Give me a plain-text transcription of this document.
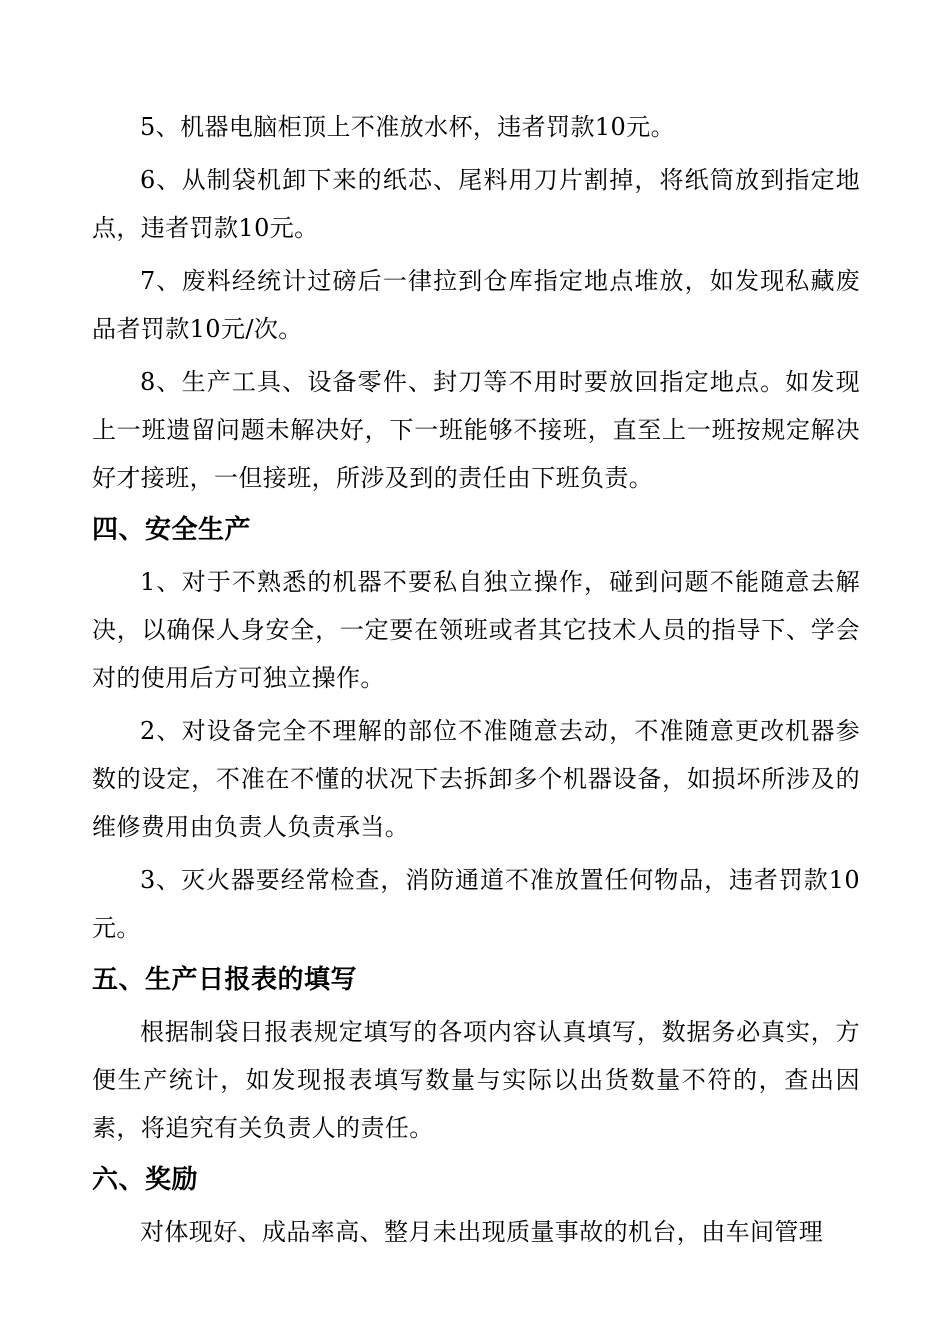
5、机器电脑柜顶上不准放水杯，违者罚款10元。

6、从制袋机卸下来的纸芯、尾料用刀片割掉，将纸筒放到指定地点，违者罚款10元。

7、废料经统计过磅后一律拉到仓库指定地点堆放，如发现私藏废品者罚款10元/次。

8、生产工具、设备零件、封刀等不用时要放回指定地点。如发现上一班遗留问题未解决好，下一班能够不接班，直至上一班按规定解决好才接班，一但接班，所涉及到的责任由下班负责。

四、安全生产

1、对于不熟悉的机器不要私自独立操作，碰到问题不能随意去解决，以确保人身安全，一定要在领班或者其它技术人员的指导下、学会对的使用后方可独立操作。

2、对设备完全不理解的部位不准随意去动，不准随意更改机器参数的设定，不准在不懂的状况下去拆卸多个机器设备，如损坏所涉及的维修费用由负责人负责承当。

3、灭火器要经常检查，消防通道不准放置任何物品，违者罚款10元。

五、生产日报表的填写

根据制袋日报表规定填写的各项内容认真填写，数据务必真实，方便生产统计，如发现报表填写数量与实际以出货数量不符的，查出因素，将追究有关负责人的责任。

六、奖励

对体现好、成品率高、整月未出现质量事故的机台，由车间管理
